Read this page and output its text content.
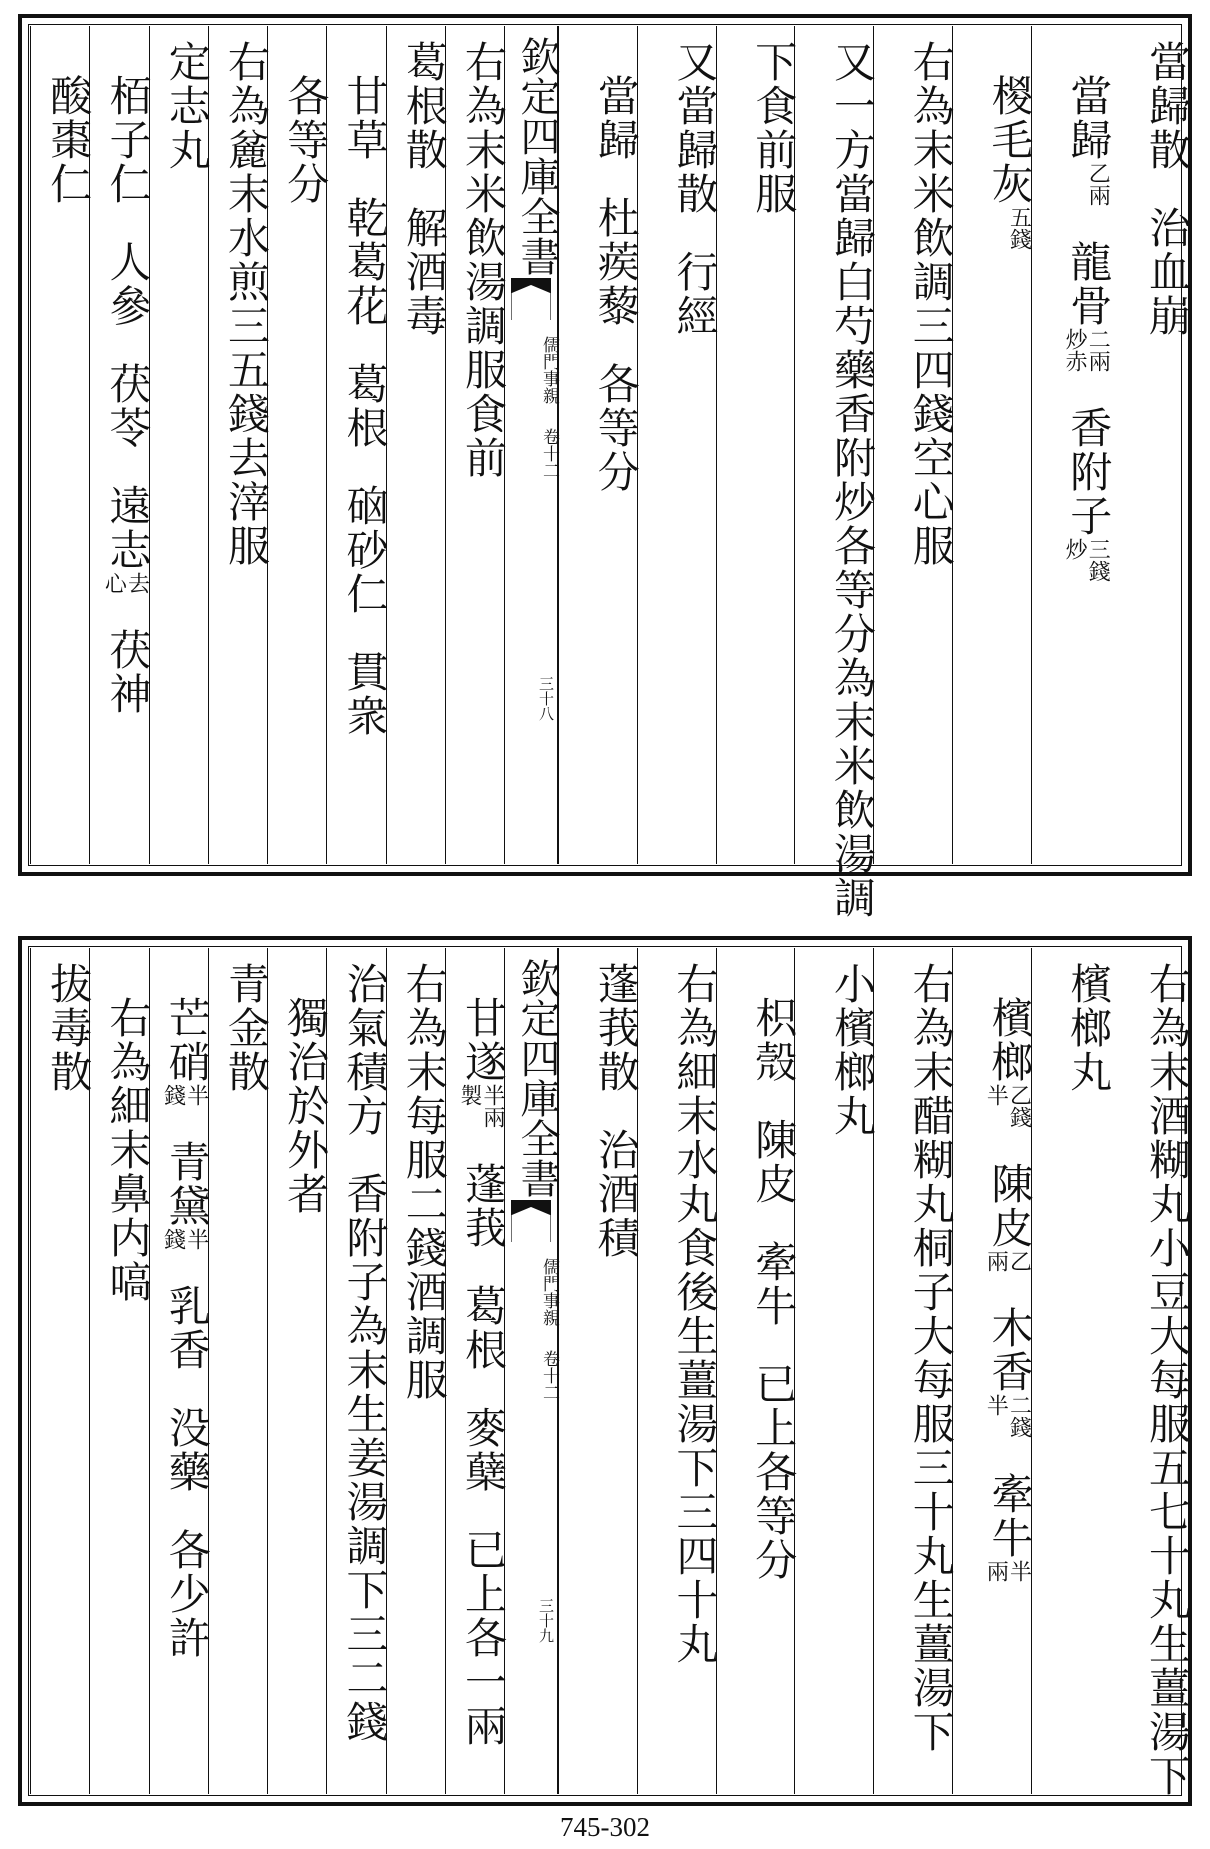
當歸散
治血崩
當歸
乙兩
龍骨
二兩
炒赤
香附子
三錢
炒
椶毛灰
五錢
右為末米飲調三四錢空心服
又一方當歸白芍藥香附炒各等分為末米飲湯調
下食前服
又當歸散
行經
當歸
杜蒺藜
各等分
右為末米飲湯調服食前
葛根散
解酒毒
甘草
乾葛花
葛根
硇砂仁
貫衆
各等分
右為麄末水煎三五錢去滓服
定志丸
栢子仁
人參
茯苓
遠志
去
心
茯神
酸棗仁	欽定四庫全書
儒門事親
卷十二
三十八
右為末酒糊丸小豆大每服五七十丸生薑湯下
檳榔丸
檳榔
乙錢
半
陳皮
乙
兩
木香
二錢
半
牽牛
半
兩
右為末醋糊丸桐子大每服三十丸生薑湯下
小檳榔丸
枳殼
陳皮
牽牛
已上各等分
右為細末水丸食後生薑湯下三四十丸
蓬莪散
治酒積
甘遂
半兩
製
蓬莪
葛根
麥蘖
已上各一兩
右為末每服二錢酒調服
治氣積方
香附子為末生姜湯調下三二錢
獨治於外者
青金散
芒硝
半
錢
青黛
半
錢
乳香
没藥
各少許
右為細末鼻内嗃
拔毒散	欽定四庫全書
儒門事親
卷十二
三十九
745-302
